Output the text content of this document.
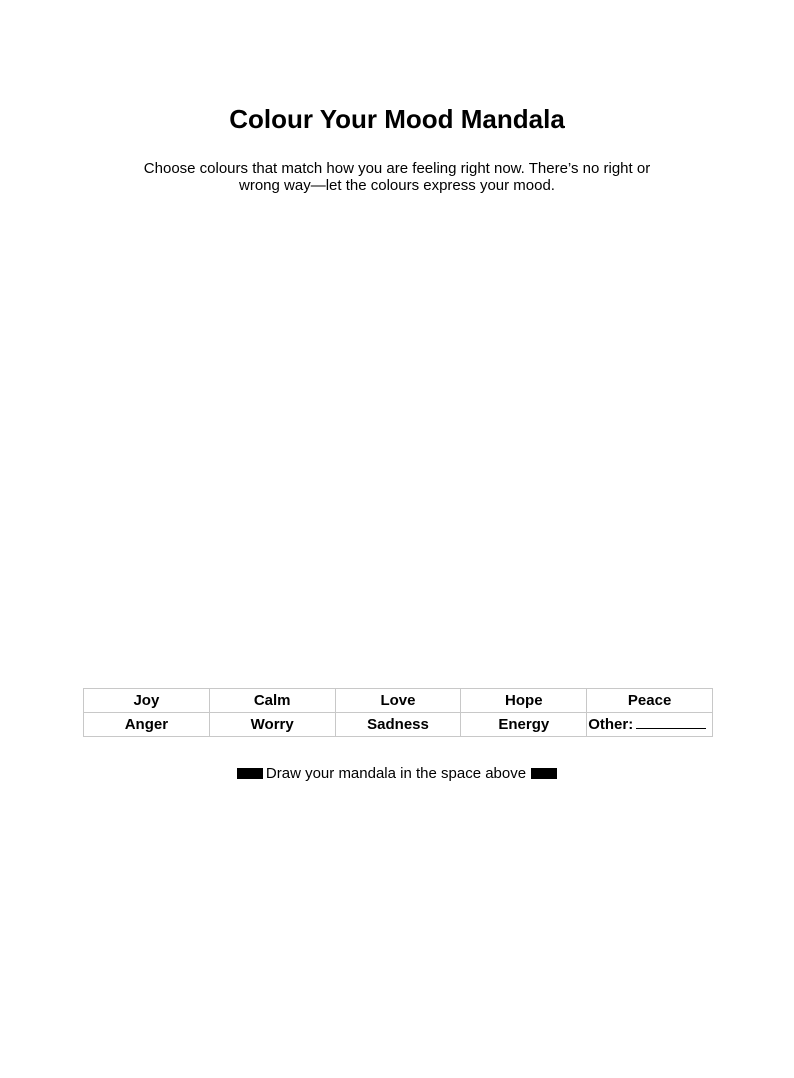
Colour Your Mood Mandala

Choose colours that match how you are feeling right now. There’s no right or
wrong way—let the colours express your mood.

Joy	Calm	Love	Hope	Peace
Anger	Worry	Sadness	Energy	Other:

Draw your mandala in the space above
